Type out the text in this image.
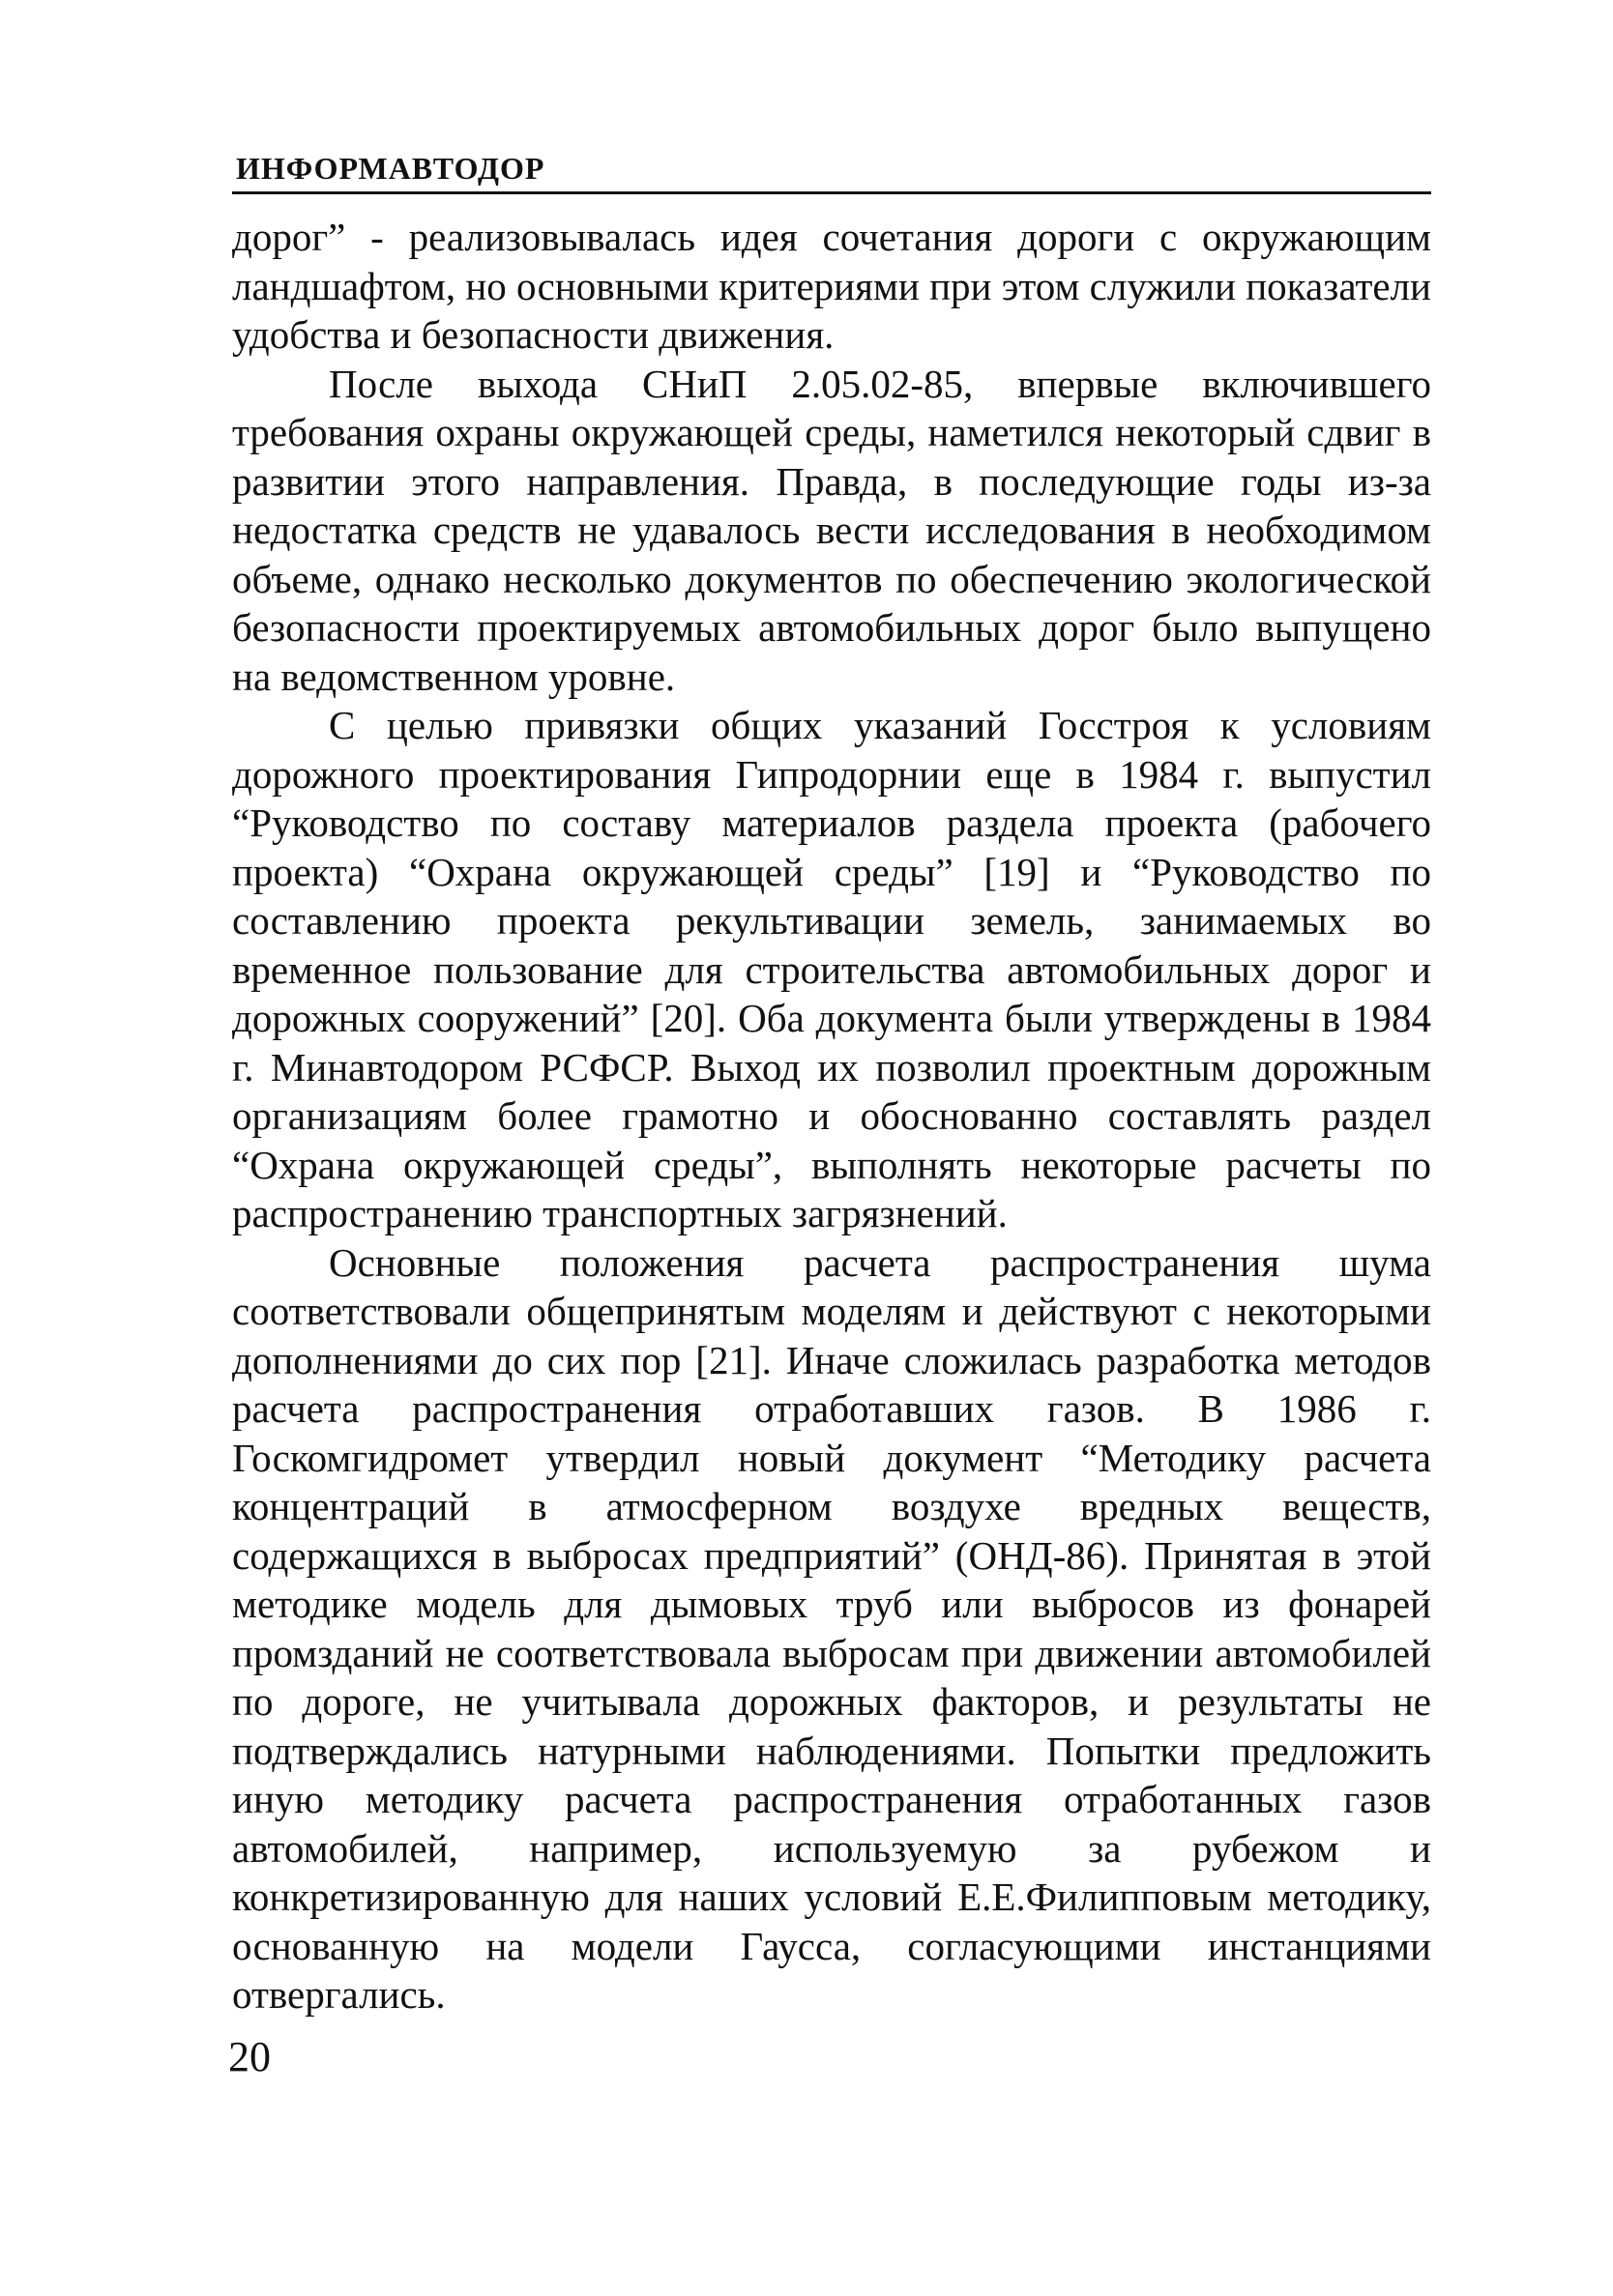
ИНФОРМАВТОДОР

дорог” - реализовывалась идея сочетания дороги с окружающим ландшафтом, но основными критериями при этом служили показатели удобства и безопасности движения.

После выхода СНиП 2.05.02-85, впервые включившего требования охраны окружающей среды, наметился некоторый сдвиг в развитии этого направления. Правда, в последующие годы из-за недостатка средств не удавалось вести исследования в необходимом объеме, однако несколько документов по обеспечению экологической безопасности проектируемых автомобильных дорог было выпущено на ведомственном уровне.

С целью привязки общих указаний Госстроя к условиям дорожного проектирования Гипродорнии еще в 1984 г. выпустил “Руководство по составу материалов раздела проекта (рабочего проекта) “Охрана окружающей среды” [19] и “Руководство по составлению проекта рекультивации земель, занимаемых во временное пользование для строительства автомобильных дорог и дорожных сооружений” [20]. Оба документа были утверждены в 1984 г. Минавтодором РСФСР. Выход их позволил проектным дорожным организациям более грамотно и обоснованно составлять раздел “Охрана окружающей среды”, выполнять некоторые расчеты по распространению транспортных загрязнений.

Основные положения расчета распространения шума соответствовали общепринятым моделям и действуют с некоторыми дополнениями до сих пор [21]. Иначе сложилась разработка методов расчета распространения отработавших газов. В 1986 г. Госкомгидромет утвердил новый документ “Методику расчета концентраций в атмосферном воздухе вредных веществ, содержащихся в выбросах предприятий” (ОНД-86). Принятая в этой методике модель для дымовых труб или выбросов из фонарей промзданий не соответствовала выбросам при движении автомобилей по дороге, не учитывала дорожных факторов, и результаты не подтверждались натурными наблюдениями. Попытки предложить иную методику расчета распространения отработанных газов автомобилей, например, используемую за рубежом и конкретизированную для наших условий Е.Е.Филипповым методику, основанную на модели Гаусса, согласующими инстанциями отвергались.

20
